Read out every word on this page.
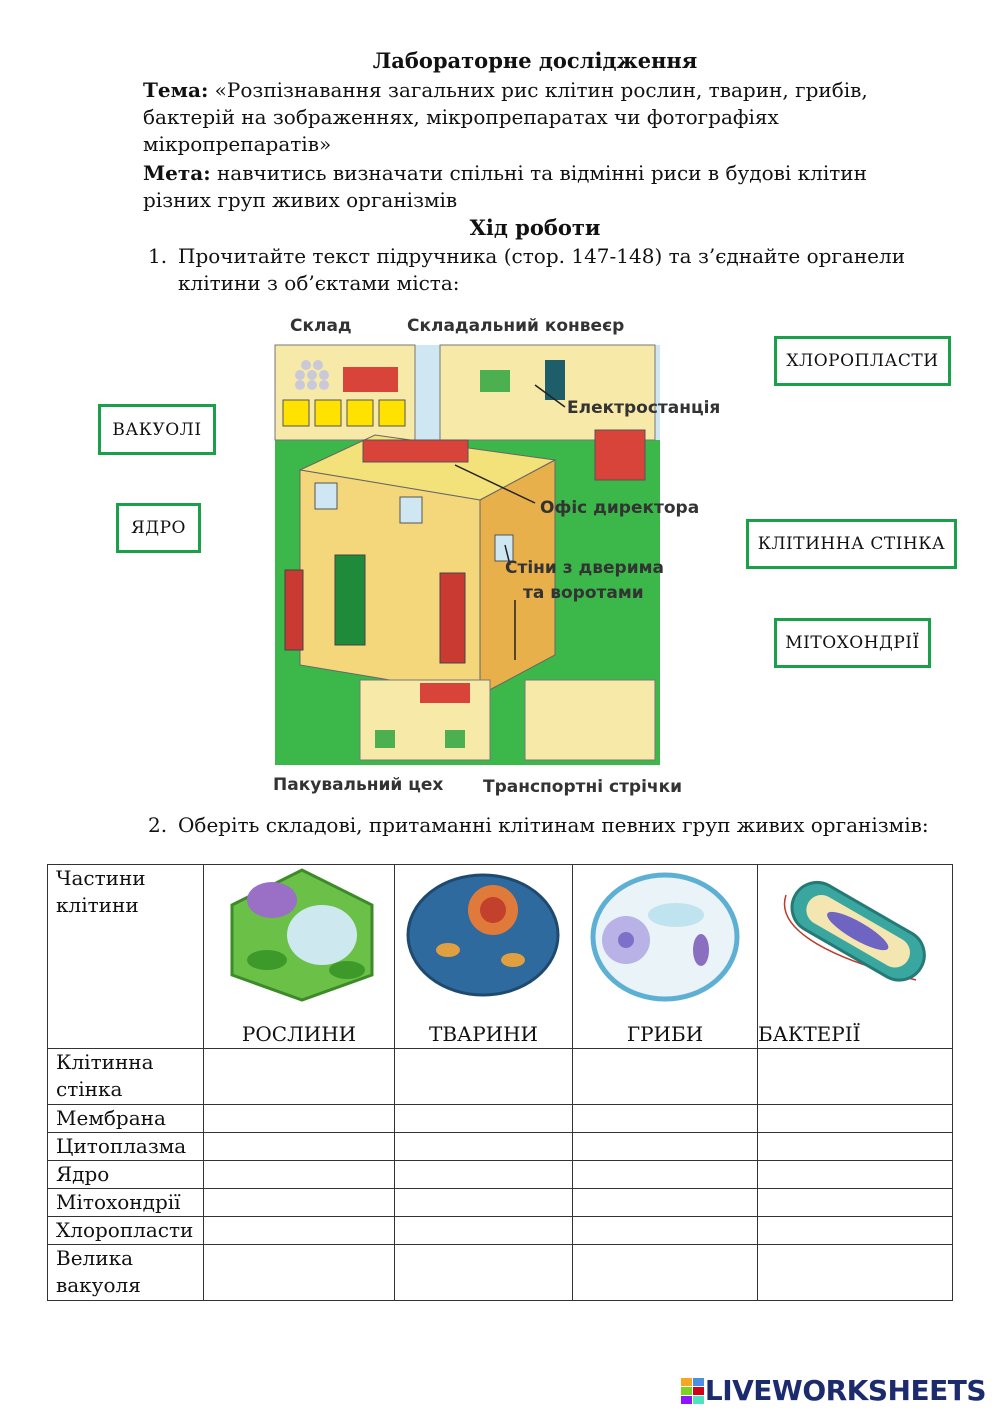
Лабораторне дослідження
Тема: «Розпізнавання загальних рис клітин рослин, тварин, грибів, бактерій на зображеннях, мікропрепаратах чи фотографіях мікропрепаратів»
Мета: навчитись визначати спільні та відмінні риси в будові клітин різних груп живих організмів
Хід роботи
1. Прочитайте текст підручника (стор. 147-148) та з’єднайте органели клітини з об’єктами міста:
ХЛОРОПЛАСТИ
ВАКУОЛІ
ЯДРО
КЛІТИННА СТІНКА
МІТОХОНДРІЇ
Склад	Складальний конвеєр
Електростанція
Офіс директора
Стіни з дверима
та воротами
Пакувальний цех Транспортні стрічки
2. Оберіть складові, притаманні клітинам певних груп живих організмів:
Частини клітини	РОСЛИНИ	ТВАРИНИ	ГРИБИ	БАКТЕРІЇ

Клітинна стінка				
Мембрана				
Цитоплазма				
Ядро				
Мітохондрії				
Хлоропласти				
Велика вакуоля				
LIVEWORKSHEETS
